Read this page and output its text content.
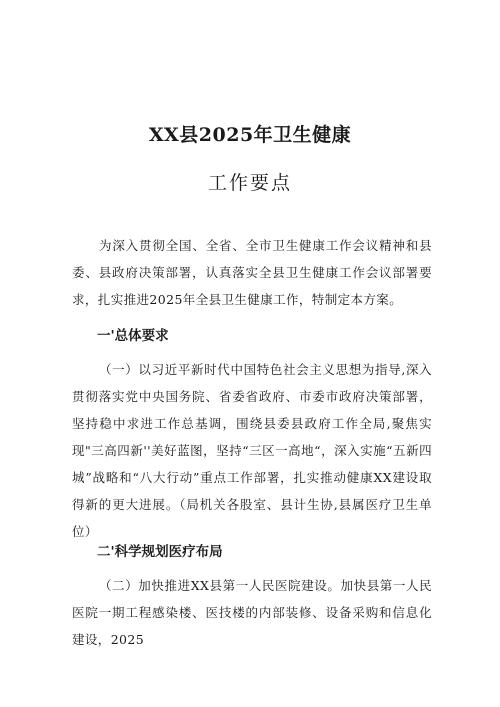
XX县2025年卫生健康
工作要点
为深入贯彻全国、全省、全市卫生健康工作会议精神和县委、县政府决策部署，认真落实全县卫生健康工作会议部署要求，扎实推进2025年全县卫生健康工作，特制定本方案。
一'总体要求
（一）以习近平新时代中国特色社会主义思想为指导,深入贯彻落实党中央国务院、省委省政府、市委市政府决策部署，坚持稳中求进工作总基调，围绕县委县政府工作全局,聚焦实现"三高四新''美好蓝图，坚持“三区一高地“，深入实施“五新四城”战略和“八大行动”重点工作部署，扎实推动健康XX建设取得新的更大进展。（局机关各股室、县计生协,县属医疗卫生单位）
二'科学规划医疗布局
（二）加快推进XX县第一人民医院建设。加快县第一人民医院一期工程感染楼、医技楼的内部装修、设备采购和信息化建设，2025
